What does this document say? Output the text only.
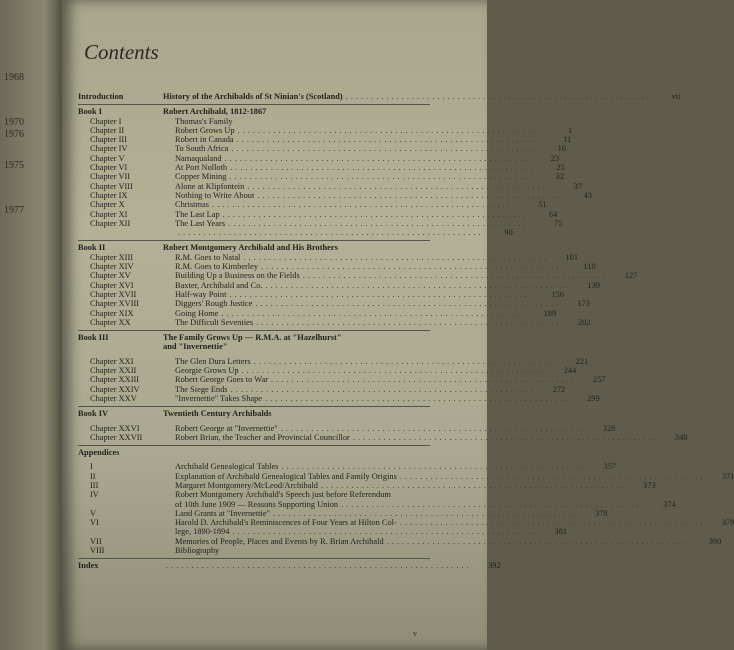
1968
1970
1976
1975
1977
Contents
Introduction	History of the Archibalds of St Ninian's (Scotland) ............................................................	vii
Book I	Robert Archibald, 1812-1867
Chapter I	Thomas's Family
Chapter II	Robert Grows Up ............................................................	1
Chapter III	Robert in Canada ............................................................	11
Chapter IV	To South Africa ............................................................	16
Chapter V	Namaqualand ............................................................	23
Chapter VI	At Port Nolloth ............................................................	25
Chapter VII	Copper Mining ............................................................	32
Chapter VIII	Alone at Klipfontein ............................................................	37
Chapter IX	Nothing to Write About ............................................................	43
Chapter X	Christmas ............................................................	51
Chapter XI	The Last Lap ............................................................	64
Chapter XII	The Last Years ............................................................	75
............................................................	90
Book II	Robert Montgomery Archibald and His Brothers
Chapter XIII	R.M. Goes to Natal ............................................................	101
Chapter XIV	R.M. Goes to Kimberley ............................................................	110
Chapter XV	Building Up a Business on the Fields ............................................................	127
Chapter XVI	Baxter, Archibald and Co. ............................................................	139
Chapter XVII	Half-way Point ............................................................	156
Chapter XVIII	Diggers' Rough Justice ............................................................	173
Chapter XIX	Going Home ............................................................	189
Chapter XX	The Difficult Seventies ............................................................	202
Book III	The Family Grows Up — R.M.A. at "Hazelhurst"
and "Invernettie"
Chapter XXI	The Glen Dura Letters ............................................................	221
Chapter XXII	Georgie Grows Up ............................................................	244
Chapter XXIII	Robert George Goes to War ............................................................	257
Chapter XXIV	The Siege Ends ............................................................	272
Chapter XXV	"Invernettie" Takes Shape ............................................................	299
Book IV	Twentieth Century Archibalds
Chapter XXVI	Robert George at "Invernettie" ............................................................	328
Chapter XXVII	Robert Brian, the Teacher and Provincial Councillor ............................................................	340
Appendices
I	Archibald Genealogical Tables ............................................................	357
II	Explanation of Archibald Genealogical Tables and Family Origins ............................................................	371
III	Margaret Montgomery/McLeod/Archibald ............................................................	373
IV	Robert Montgomery Archibald's Speech just before Referendum
of 10th June 1909 — Reasons Supporting Union ............................................................	374
V	Land Grants at "Invernettie" ............................................................	378
VI	Harold D. Archibald's Reminiscences of Four Years at Hilton Col- ............................................................	379
lege, 1890-1894 ............................................................	381
VII	Memories of People, Places and Events by R. Brian Archibald ............................................................	390
VIII	Bibliography
Index	............................................................	392
v
